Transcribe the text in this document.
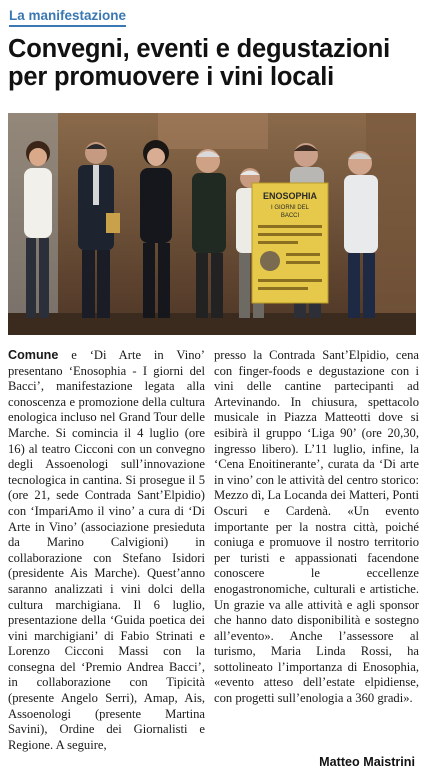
La manifestazione
Convegni, eventi e degustazioni per promuovere i vini locali
ENOSOPHIA
I GIORNI DEL
BACCI

Comune e ‘Di Arte in Vino’ presentano ‘Enosophia - I giorni del Bacci’, manifestazione legata alla conoscenza e promozione della cultura enologica incluso nel Grand Tour delle Marche. Si comincia il 4 luglio (ore 16) al teatro Cicconi con un convegno degli Assoenologi sull’innovazione tecnologica in cantina. Si prosegue il 5 (ore 21, sede Contrada Sant’Elpidio) con ‘ImpariAmo il vino’ a cura di ‘Di Arte in Vino’ (associazione presieduta da Marino Calvigioni) in collaborazione con Stefano Isidori (presidente Ais Marche). Quest’anno saranno analizzati i vini dolci della cultura marchigiana. Il 6 luglio, presentazione della ‘Guida poetica dei vini marchigiani’ di Fabio Strinati e Lorenzo Cicconi Massi con la consegna del ‘Premio Andrea Bacci’, in collaborazione con Tipicità (presente Angelo Serri), Amap, Ais, Assoenologi (presente Martina Savini), Ordine dei Giornalisti e Regione. A seguire,

presso la Contrada Sant’Elpidio, cena con finger-foods e degustazione con i vini delle cantine partecipanti ad Artevinando. In chiusura, spettacolo musicale in Piazza Matteotti dove si esibirà il gruppo ‘Liga 90’ (ore 20,30, ingresso libero). L’11 luglio, infine, la ‘Cena Enoitinerante’, curata da ‘Di arte in vino’ con le attività del centro storico: Mezzo dì, La Locanda dei Matteri, Ponti Oscuri e Cardenà. «Un evento importante per la nostra città, poiché coniuga e promuove il nostro territorio per turisti e appassionati facendone conoscere le eccellenze enogastronomiche, culturali e artistiche. Un grazie va alle attività e agli sponsor che hanno dato disponibilità e sostegno all’evento». Anche l’assessore al turismo, Maria Linda Rossi, ha sottolineato l’importanza di Enosophia, «evento atteso dell’estate elpidiense, con progetti sull’enologia a 360 gradi».

Matteo Maistrini
